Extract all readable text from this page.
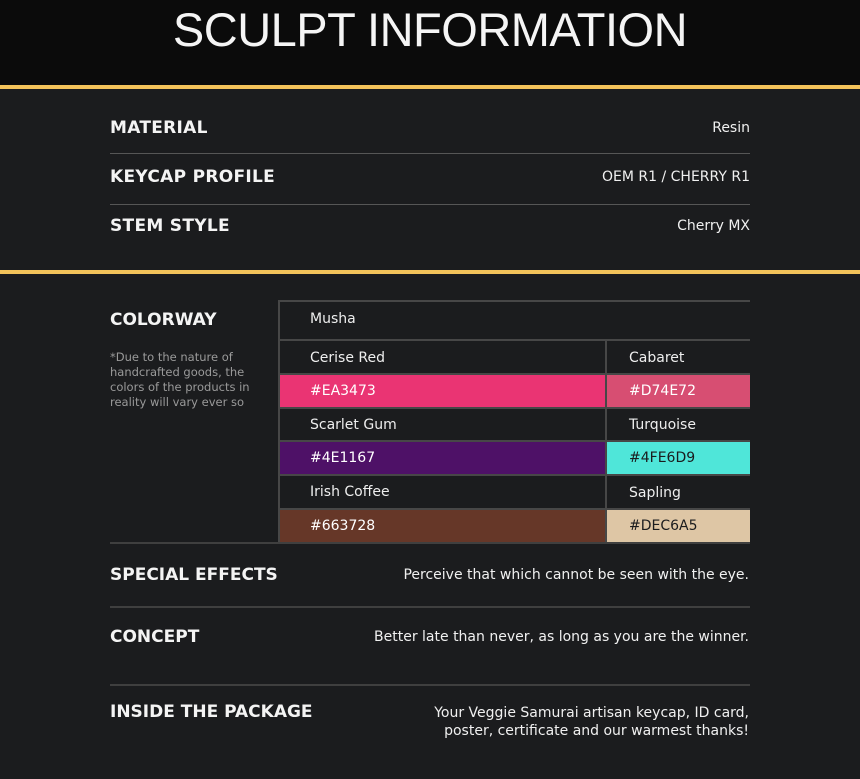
SCULPT INFORMATION
MATERIAL	Resin
KEYCAP PROFILE	OEM R1 / CHERRY R1
STEM STYLE	Cherry MX
COLORWAY
*Due to the nature of handcrafted goods, the colors of the products in reality will vary ever so
Musha
Cerise Red	Cabaret
#EA3473	#D74E72
Scarlet Gum	Turquoise
#4E1167	#4FE6D9
Irish Coffee	Sapling
#663728	#DEC6A5
SPECIAL EFFECTS	Perceive that which cannot be seen with the eye.
CONCEPT	Better late than never, as long as you are the winner.
INSIDE THE PACKAGE	Your Veggie Samurai artisan keycap, ID card,
poster, certificate and our warmest thanks!
